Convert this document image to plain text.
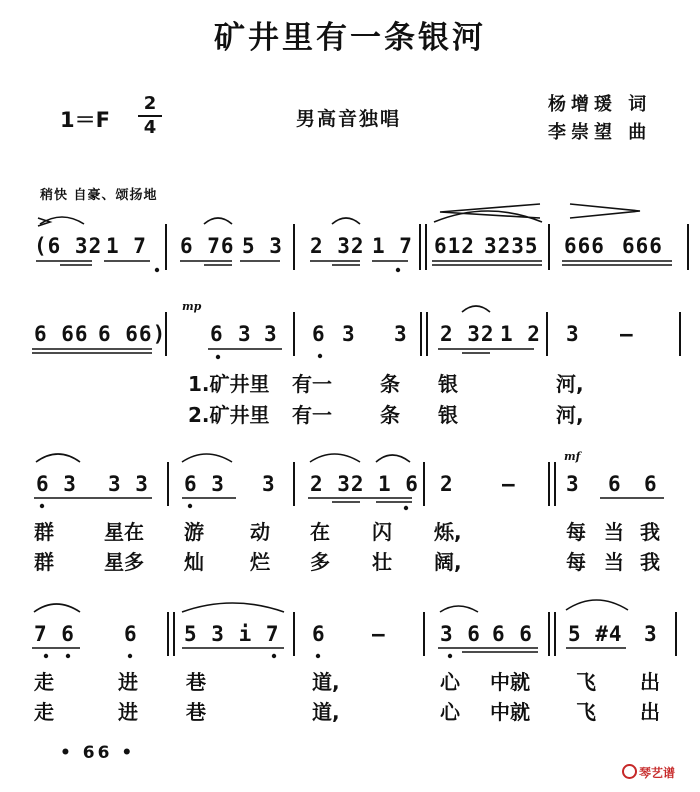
矿井里有一条银河
1＝F
2
4	男高音独唱
杨增瑗 词
李崇望 曲
稍快 自豪、颂扬地
(6 32 1 7 6 76 5 3 2 32 1 7 612 3235 666 666
6 66 6 66)
mp
6 3 3 6 3 3 2 32 1 2 3 —
1.矿井里 有一 条 银	河,
2.矿井里 有一 条 银	河,
6 3 3 3 6 3 3 2 32 1 6 2 —
mf
3 6 6
群	星在 游 动 在 闪 烁,	每 当 我
群	星多 灿 烂 多 壮 阔,	每 当 我
7 6 6 5 3 i 7 6 —	3 6 6 6 5 #4 3
走	进 巷	道,	心 中就 飞 出
走	进 巷	道,	心 中就 飞 出
• 66 •
琴艺谱
